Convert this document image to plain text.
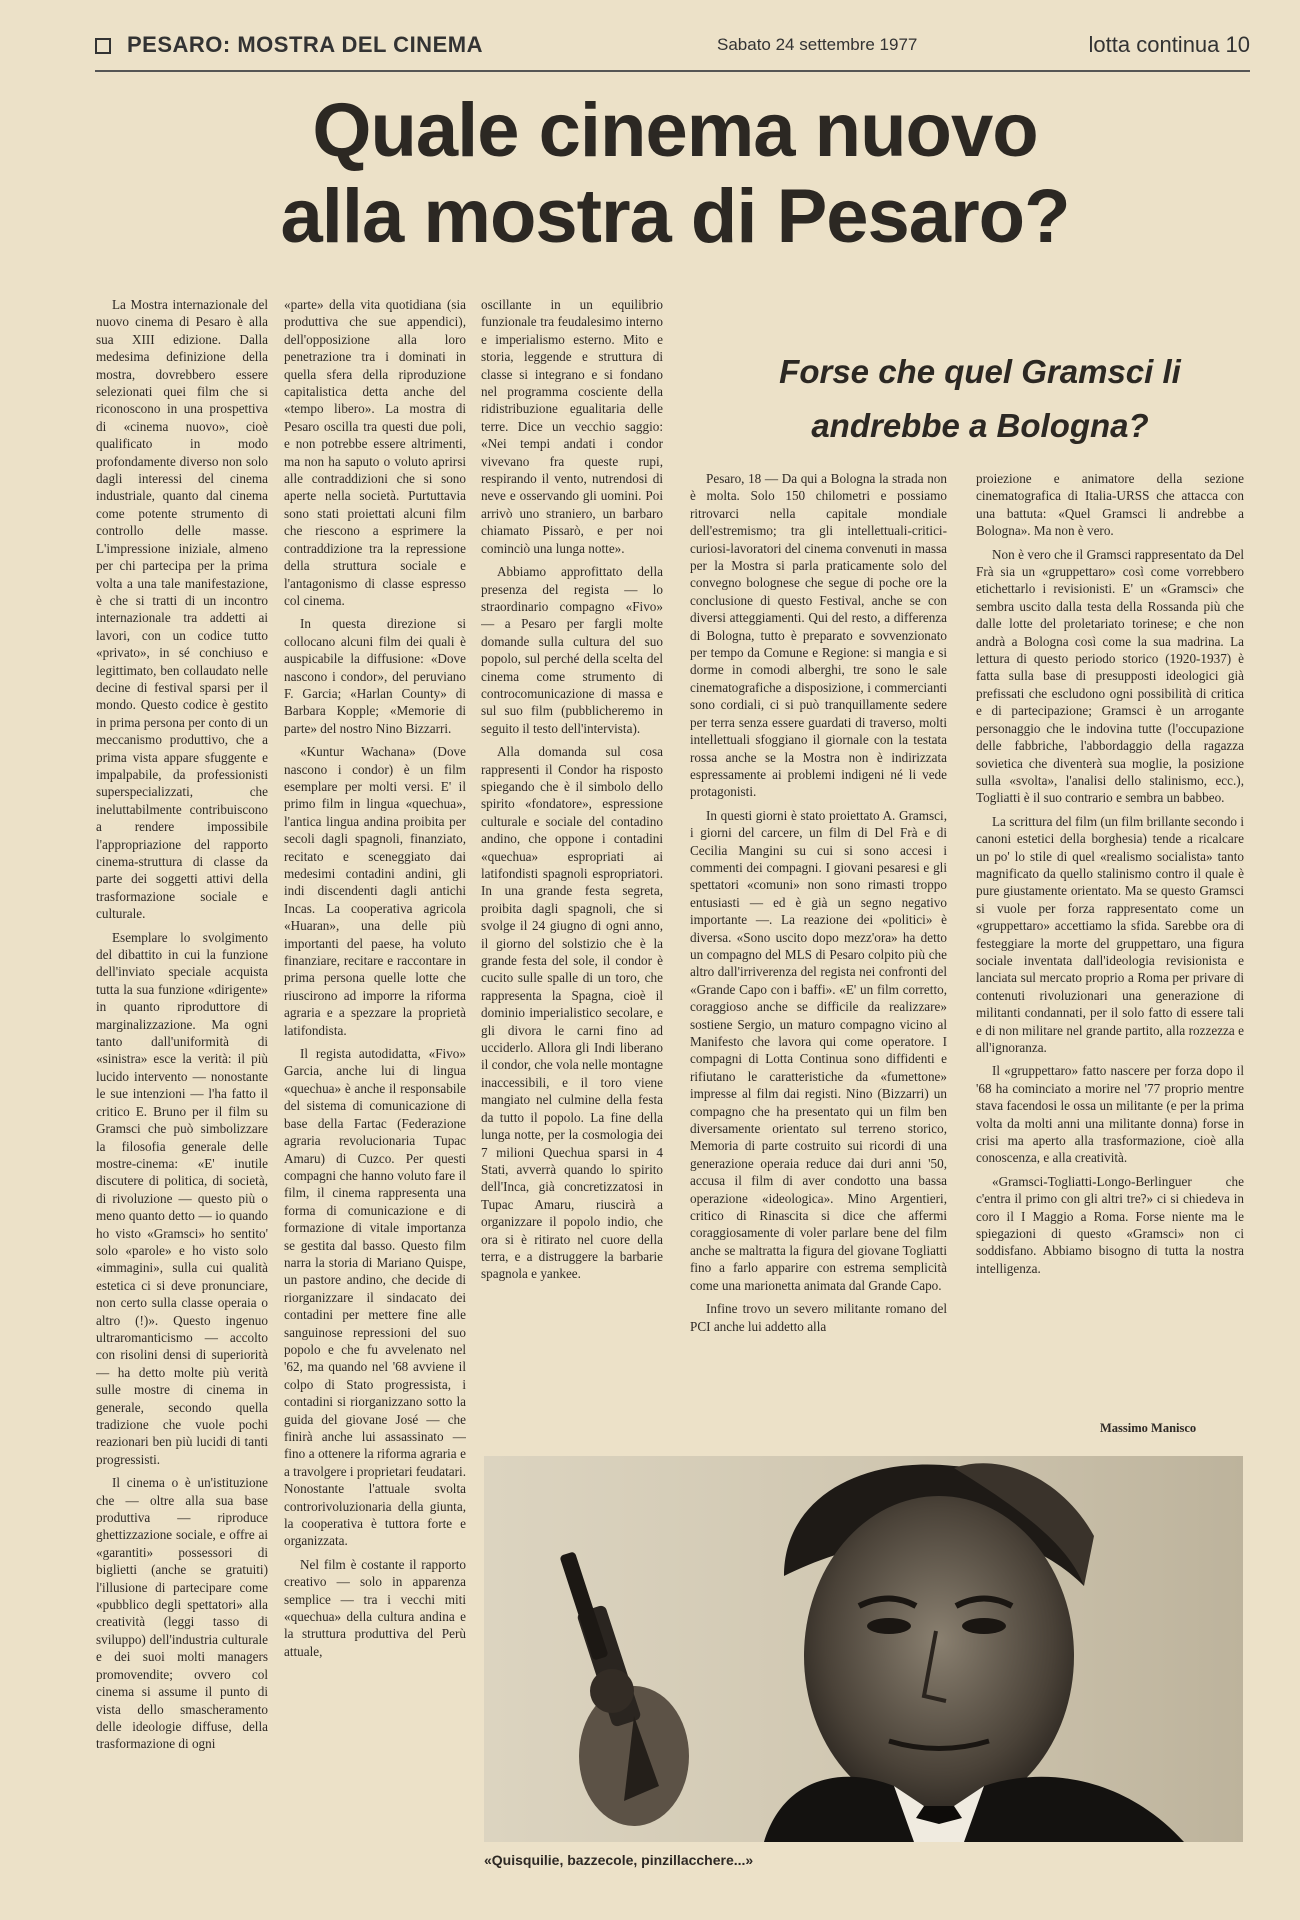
PESARO: MOSTRA DEL CINEMA	Sabato 24 settembre 1977	lotta continua 10
Quale cinema nuovo
alla mostra di Pesaro?

La Mostra internazionale del nuovo cinema di Pesaro è alla sua XIII edizione. Dalla medesima definizione della mostra, dovrebbero essere selezionati quei film che si riconoscono in una prospettiva di «cinema nuovo», cioè qualificato in modo profondamente diverso non solo dagli interessi del cinema industriale, quanto dal cinema come potente strumento di controllo delle masse. L'impressione iniziale, almeno per chi partecipa per la prima volta a una tale manifestazione, è che si tratti di un incontro internazionale tra addetti ai lavori, con un codice tutto «privato», in sé conchiuso e legittimato, ben collaudato nelle decine di festival sparsi per il mondo. Questo codice è gestito in prima persona per conto di un meccanismo produttivo, che a prima vista appare sfuggente e impalpabile, da professionisti superspecializzati, che ineluttabilmente contribuiscono a rendere impossibile l'appropriazione del rapporto cinema-struttura di classe da parte dei soggetti attivi della trasformazione sociale e culturale.

Esemplare lo svolgimento del dibattito in cui la funzione dell'inviato speciale acquista tutta la sua funzione «dirigente» in quanto riproduttore di marginalizzazione. Ma ogni tanto dall'uniformità di «sinistra» esce la verità: il più lucido intervento — nonostante le sue intenzioni — l'ha fatto il critico E. Bruno per il film su Gramsci che può simbolizzare la filosofia generale delle mostre-cinema: «E' inutile discutere di politica, di società, di rivoluzione — questo più o meno quanto detto — io quando ho visto «Gramsci» ho sentito' solo «parole» e ho visto solo «immagini», sulla cui qualità estetica ci si deve pronunciare, non certo sulla classe operaia o altro (!)». Questo ingenuo ultraromanticismo — accolto con risolini densi di superiorità — ha detto molte più verità sulle mostre di cinema in generale, secondo quella tradizione che vuole pochi reazionari ben più lucidi di tanti progressisti.

Il cinema o è un'istituzione che — oltre alla sua base produttiva — riproduce ghettizzazione sociale, e offre ai «garantiti» possessori di biglietti (anche se gratuiti) l'illusione di partecipare come «pubblico degli spettatori» alla creatività (leggi tasso di sviluppo) dell'industria culturale e dei suoi molti managers promovendite; ovvero col cinema si assume il punto di vista dello smascheramento delle ideologie diffuse, della trasformazione di ogni

«parte» della vita quotidiana (sia produttiva che sue appendici), dell'opposizione alla loro penetrazione tra i dominati in quella sfera della riproduzione capitalistica detta anche del «tempo libero». La mostra di Pesaro oscilla tra questi due poli, e non potrebbe essere altrimenti, ma non ha saputo o voluto aprirsi alle contraddizioni che si sono aperte nella società. Purtuttavia sono stati proiettati alcuni film che riescono a esprimere la contraddizione tra la repressione della struttura sociale e l'antagonismo di classe espresso col cinema.

In questa direzione si collocano alcuni film dei quali è auspicabile la diffusione: «Dove nascono i condor», del peruviano F. Garcia; «Harlan County» di Barbara Kopple; «Memorie di parte» del nostro Nino Bizzarri.

«Kuntur Wachana» (Dove nascono i condor) è un film esemplare per molti versi. E' il primo film in lingua «quechua», l'antica lingua andina proibita per secoli dagli spagnoli, finanziato, recitato e sceneggiato dai medesimi contadini andini, gli indi discendenti dagli antichi Incas. La cooperativa agricola «Huaran», una delle più importanti del paese, ha voluto finanziare, recitare e raccontare in prima persona quelle lotte che riuscirono ad imporre la riforma agraria e a spezzare la proprietà latifondista.

Il regista autodidatta, «Fivo» Garcia, anche lui di lingua «quechua» è anche il responsabile del sistema di comunicazione di base della Fartac (Federazione agraria revolucionaria Tupac Amaru) di Cuzco. Per questi compagni che hanno voluto fare il film, il cinema rappresenta una forma di comunicazione e di formazione di vitale importanza se gestita dal basso. Questo film narra la storia di Mariano Quispe, un pastore andino, che decide di riorganizzare il sindacato dei contadini per mettere fine alle sanguinose repressioni del suo popolo e che fu avvelenato nel '62, ma quando nel '68 avviene il colpo di Stato progressista, i contadini si riorganizzano sotto la guida del giovane José — che finirà anche lui assassinato — fino a ottenere la riforma agraria e a travolgere i proprietari feudatari. Nonostante l'attuale svolta controrivoluzionaria della giunta, la cooperativa è tuttora forte e organizzata.

Nel film è costante il rapporto creativo — solo in apparenza semplice — tra i vecchi miti «quechua» della cultura andina e la struttura produttiva del Perù attuale,

oscillante in un equilibrio funzionale tra feudalesimo interno e imperialismo esterno. Mito e storia, leggende e struttura di classe si integrano e si fondano nel programma cosciente della ridistribuzione egualitaria delle terre. Dice un vecchio saggio: «Nei tempi andati i condor vivevano fra queste rupi, respirando il vento, nutrendosi di neve e osservando gli uomini. Poi arrivò uno straniero, un barbaro chiamato Pissarò, e per noi cominciò una lunga notte».

Abbiamo approfittato della presenza del regista — lo straordinario compagno «Fivo» — a Pesaro per fargli molte domande sulla cultura del suo popolo, sul perché della scelta del cinema come strumento di controcomunicazione di massa e sul suo film (pubblicheremo in seguito il testo dell'intervista).

Alla domanda sul cosa rappresenti il Condor ha risposto spiegando che è il simbolo dello spirito «fondatore», espressione culturale e sociale del contadino andino, che oppone i contadini «quechua» espropriati ai latifondisti spagnoli espropriatori. In una grande festa segreta, proibita dagli spagnoli, che si svolge il 24 giugno di ogni anno, il giorno del solstizio che è la grande festa del sole, il condor è cucito sulle spalle di un toro, che rappresenta la Spagna, cioè il dominio imperialistico secolare, e gli divora le carni fino ad ucciderlo. Allora gli Indi liberano il condor, che vola nelle montagne inaccessibili, e il toro viene mangiato nel culmine della festa da tutto il popolo. La fine della lunga notte, per la cosmologia dei 7 milioni Quechua sparsi in 4 Stati, avverrà quando lo spirito dell'Inca, già concretizzatosi in Tupac Amaru, riuscirà a organizzare il popolo indio, che ora si è ritirato nel cuore della terra, e a distruggere la barbarie spagnola e yankee.

Forse che quel Gramsci li
andrebbe a Bologna?

Pesaro, 18 — Da qui a Bologna la strada non è molta. Solo 150 chilometri e possiamo ritrovarci nella capitale mondiale dell'estremismo; tra gli intellettuali-critici-curiosi-lavoratori del cinema convenuti in massa per la Mostra si parla praticamente solo del convegno bolognese che segue di poche ore la conclusione di questo Festival, anche se con diversi atteggiamenti. Qui del resto, a differenza di Bologna, tutto è preparato e sovvenzionato per tempo da Comune e Regione: si mangia e si dorme in comodi alberghi, tre sono le sale cinematografiche a disposizione, i commercianti sono cordiali, ci si può tranquillamente sedere per terra senza essere guardati di traverso, molti intellettuali sfoggiano il giornale con la testata rossa anche se la Mostra non è indirizzata espressamente ai problemi indigeni né li vede protagonisti.

In questi giorni è stato proiettato A. Gramsci, i giorni del carcere, un film di Del Frà e di Cecilia Mangini su cui si sono accesi i commenti dei compagni. I giovani pesaresi e gli spettatori «comuni» non sono rimasti troppo entusiasti — ed è già un segno negativo importante —. La reazione dei «politici» è diversa. «Sono uscito dopo mezz'ora» ha detto un compagno del MLS di Pesaro colpito più che altro dall'irriverenza del regista nei confronti del «Grande Capo con i baffi». «E' un film corretto, coraggioso anche se difficile da realizzare» sostiene Sergio, un maturo compagno vicino al Manifesto che lavora qui come operatore. I compagni di Lotta Continua sono diffidenti e rifiutano le caratteristiche da «fumettone» impresse al film dai registi. Nino (Bizzarri) un compagno che ha presentato qui un film ben diversamente orientato sul terreno storico, Memoria di parte costruito sui ricordi di una generazione operaia reduce dai duri anni '50, accusa il film di aver condotto una bassa operazione «ideologica». Mino Argentieri, critico di Rinascita si dice che affermi coraggiosamente di voler parlare bene del film anche se maltratta la figura del giovane Togliatti fino a farlo apparire con estrema semplicità come una marionetta animata dal Grande Capo.

Infine trovo un severo militante romano del PCI anche lui addetto alla

proiezione e animatore della sezione cinematografica di Italia-URSS che attacca con una battuta: «Quel Gramsci li andrebbe a Bologna». Ma non è vero.

Non è vero che il Gramsci rappresentato da Del Frà sia un «gruppettaro» così come vorrebbero etichettarlo i revisionisti. E' un «Gramsci» che sembra uscito dalla testa della Rossanda più che dalle lotte del proletariato torinese; e che non andrà a Bologna così come la sua madrina. La lettura di questo periodo storico (1920-1937) è fatta sulla base di presupposti ideologici già prefissati che escludono ogni possibilità di critica e di partecipazione; Gramsci è un arrogante personaggio che le indovina tutte (l'occupazione delle fabbriche, l'abbordaggio della ragazza sovietica che diventerà sua moglie, la posizione sulla «svolta», l'analisi dello stalinismo, ecc.), Togliatti è il suo contrario e sembra un babbeo.

La scrittura del film (un film brillante secondo i canoni estetici della borghesia) tende a ricalcare un po' lo stile di quel «realismo socialista» tanto magnificato da quello stalinismo contro il quale è pure giustamente orientato. Ma se questo Gramsci si vuole per forza rappresentato come un «gruppettaro» accettiamo la sfida. Sarebbe ora di festeggiare la morte del gruppettaro, una figura sociale inventata dall'ideologia revisionista e lanciata sul mercato proprio a Roma per privare di contenuti rivoluzionari una generazione di militanti condannati, per il solo fatto di essere tali e di non militare nel grande partito, alla rozzezza e all'ignoranza.

Il «gruppettaro» fatto nascere per forza dopo il '68 ha cominciato a morire nel '77 proprio mentre stava facendosi le ossa un militante (e per la prima volta da molti anni una militante donna) forse in crisi ma aperto alla trasformazione, cioè alla conoscenza, e alla creatività.

«Gramsci-Togliatti-Longo-Berlinguer che c'entra il primo con gli altri tre?» ci si chiedeva in coro il I Maggio a Roma. Forse niente ma le spiegazioni di questo «Gramsci» non ci soddisfano. Abbiamo bisogno di tutta la nostra intelligenza.

Massimo Manisco
«Quisquilie, bazzecole, pinzillacchere...»
